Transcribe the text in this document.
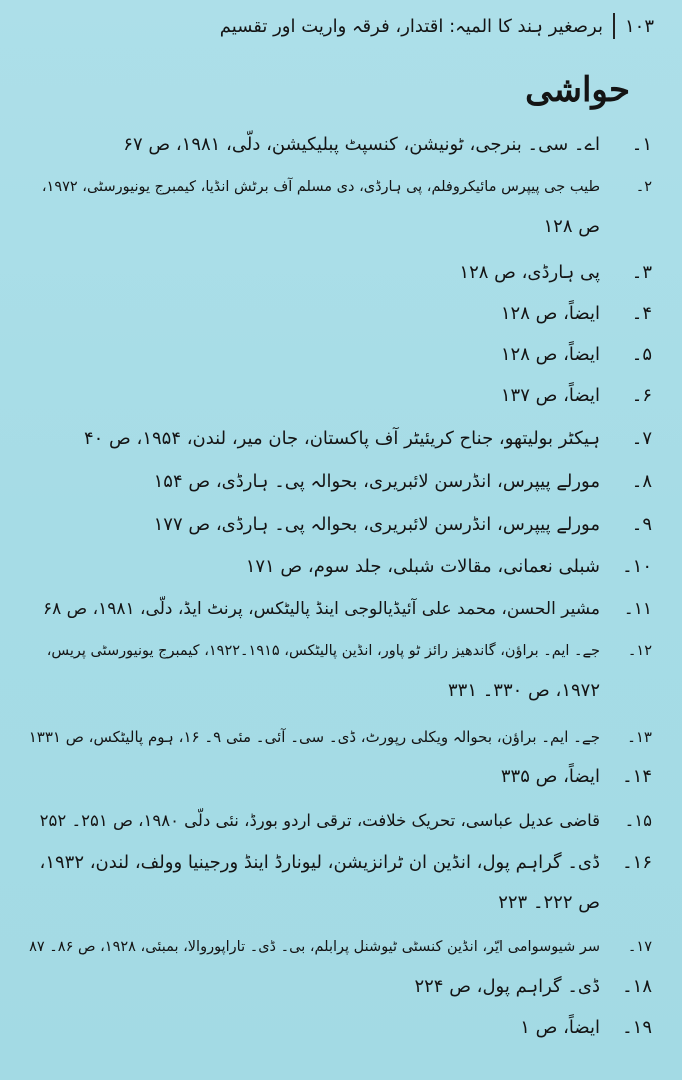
۱۰۳
برصغیر ہند کا المیہ: اقتدار، فرقہ واریت اور تقسیم
حواشی
۱۔اے۔ سی۔ بنرجی، ٹونیشن، کنسپٹ پبلیکیشن، دلّی، ۱۹۸۱، ص ۶۷
۲۔طیب جی پیپرس مائیکروفلم، پی ہارڈی، دی مسلم آف برٹش انڈیا، کیمبرج یونیورسٹی، ۱۹۷۲،
ص ۱۲۸
۳۔پی ہارڈی، ص ۱۲۸
۴۔ایضاً، ص ۱۲۸
۵۔ایضاً، ص ۱۲۸
۶۔ایضاً، ص ۱۳۷
۷۔ہیکٹر بولیتھو، جناح کریئیٹر آف پاکستان، جان میر، لندن، ۱۹۵۴، ص ۴۰
۸۔مورلے پیپرس، انڈرسن لائبریری، بحوالہ پی۔ ہارڈی، ص ۱۵۴
۹۔مورلے پیپرس، انڈرسن لائبریری، بحوالہ پی۔ ہارڈی، ص ۱۷۷
۱۰۔شبلی نعمانی، مقالات شبلی، جلد سوم، ص ۱۷۱
۱۱۔مشیر الحسن، محمد علی آئیڈیالوجی اینڈ پالیٹکس، پرنٹ ایڈ، دلّی، ۱۹۸۱، ص ۶۸
۱۲۔جے۔ ایم۔ براؤن، گاندھیز رائز ٹو پاور، انڈین پالیٹکس، ۱۹۱۵۔۱۹۲۲، کیمبرج یونیورسٹی پریس،
۱۹۷۲، ص ۳۳۰۔ ۳۳۱
۱۳۔جے۔ ایم۔ براؤن، بحوالہ ویکلی رپورٹ، ڈی۔ سی۔ آئی۔ مئی ۹۔ ۱۶، ہوم پالیٹکس، ص ۱۳۳۱
۱۴۔ایضاً، ص ۳۳۵
۱۵۔قاضی عدیل عباسی، تحریک خلافت، ترقی اردو بورڈ، نئی دلّی ۱۹۸۰، ص ۲۵۱۔ ۲۵۲
۱۶۔ڈی۔ گراہم پول، انڈین ان ٹرانزیشن، لیونارڈ اینڈ ورجینیا وولف، لندن، ۱۹۳۲،
ص ۲۲۲۔ ۲۲۳
۱۷۔سر شیوسوامی ایّر، انڈین کنسٹی ٹیوشنل پرابلم، بی۔ ڈی۔ تاراپوروالا، بمبئی، ۱۹۲۸، ص ۸۶۔ ۸۷
۱۸۔ڈی۔ گراہم پول، ص ۲۲۴
۱۹۔ایضاً، ص ۱
